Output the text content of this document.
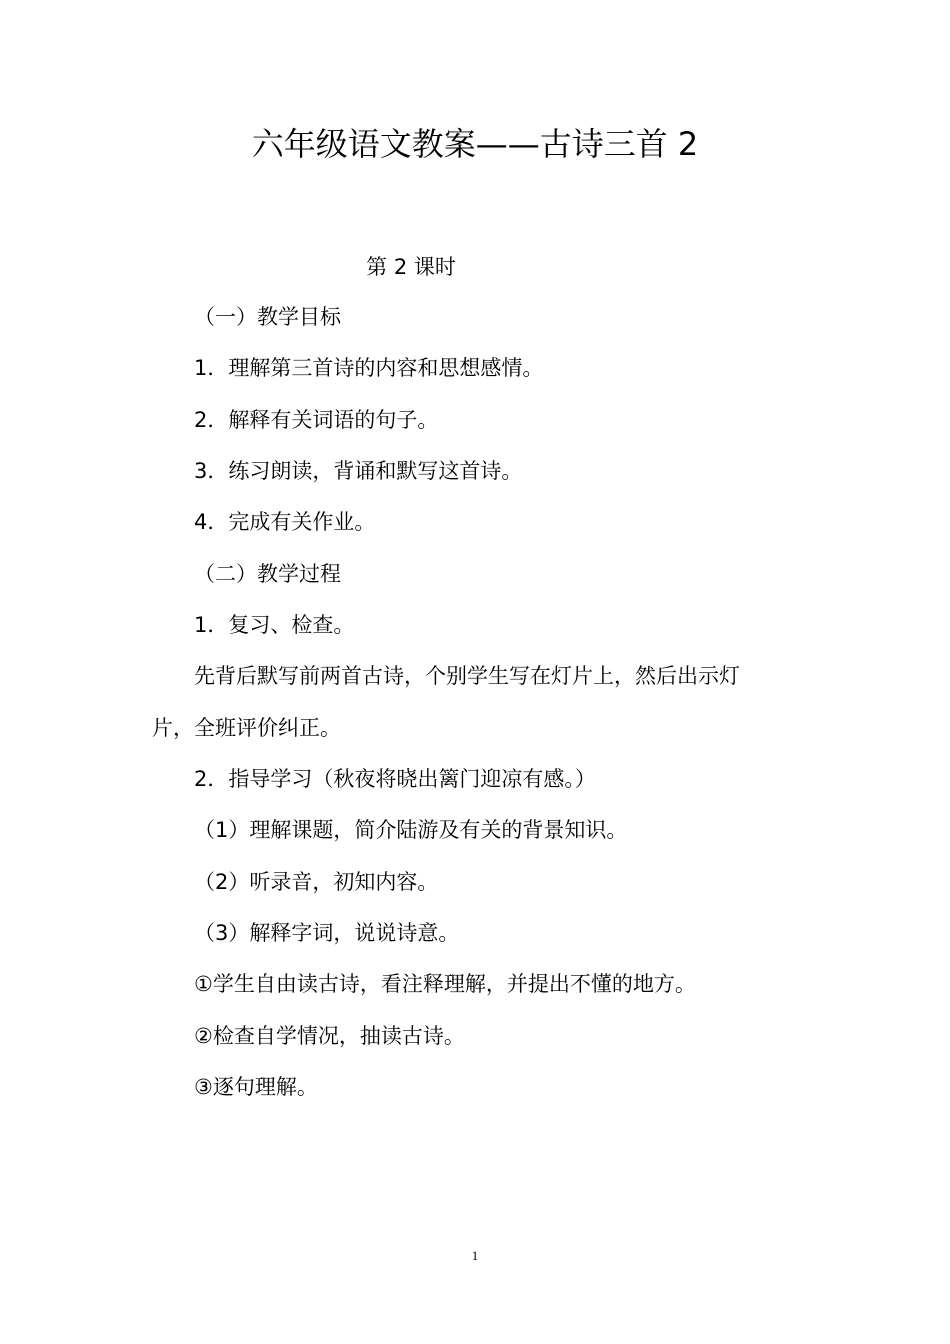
六年级语文教案——古诗三首 2
第 2 课时
（一）教学目标
1．理解第三首诗的内容和思想感情。
2．解释有关词语的句子。
3．练习朗读，背诵和默写这首诗。
4．完成有关作业。
（二）教学过程
1．复习、检查。
先背后默写前两首古诗，个别学生写在灯片上，然后出示灯
片，全班评价纠正。
2．指导学习（秋夜将晓出篱门迎凉有感。）
（1）理解课题，简介陆游及有关的背景知识。
（2）听录音，初知内容。
（3）解释字词，说说诗意。
①学生自由读古诗，看注释理解，并提出不懂的地方。
②检查自学情况，抽读古诗。
③逐句理解。
1
